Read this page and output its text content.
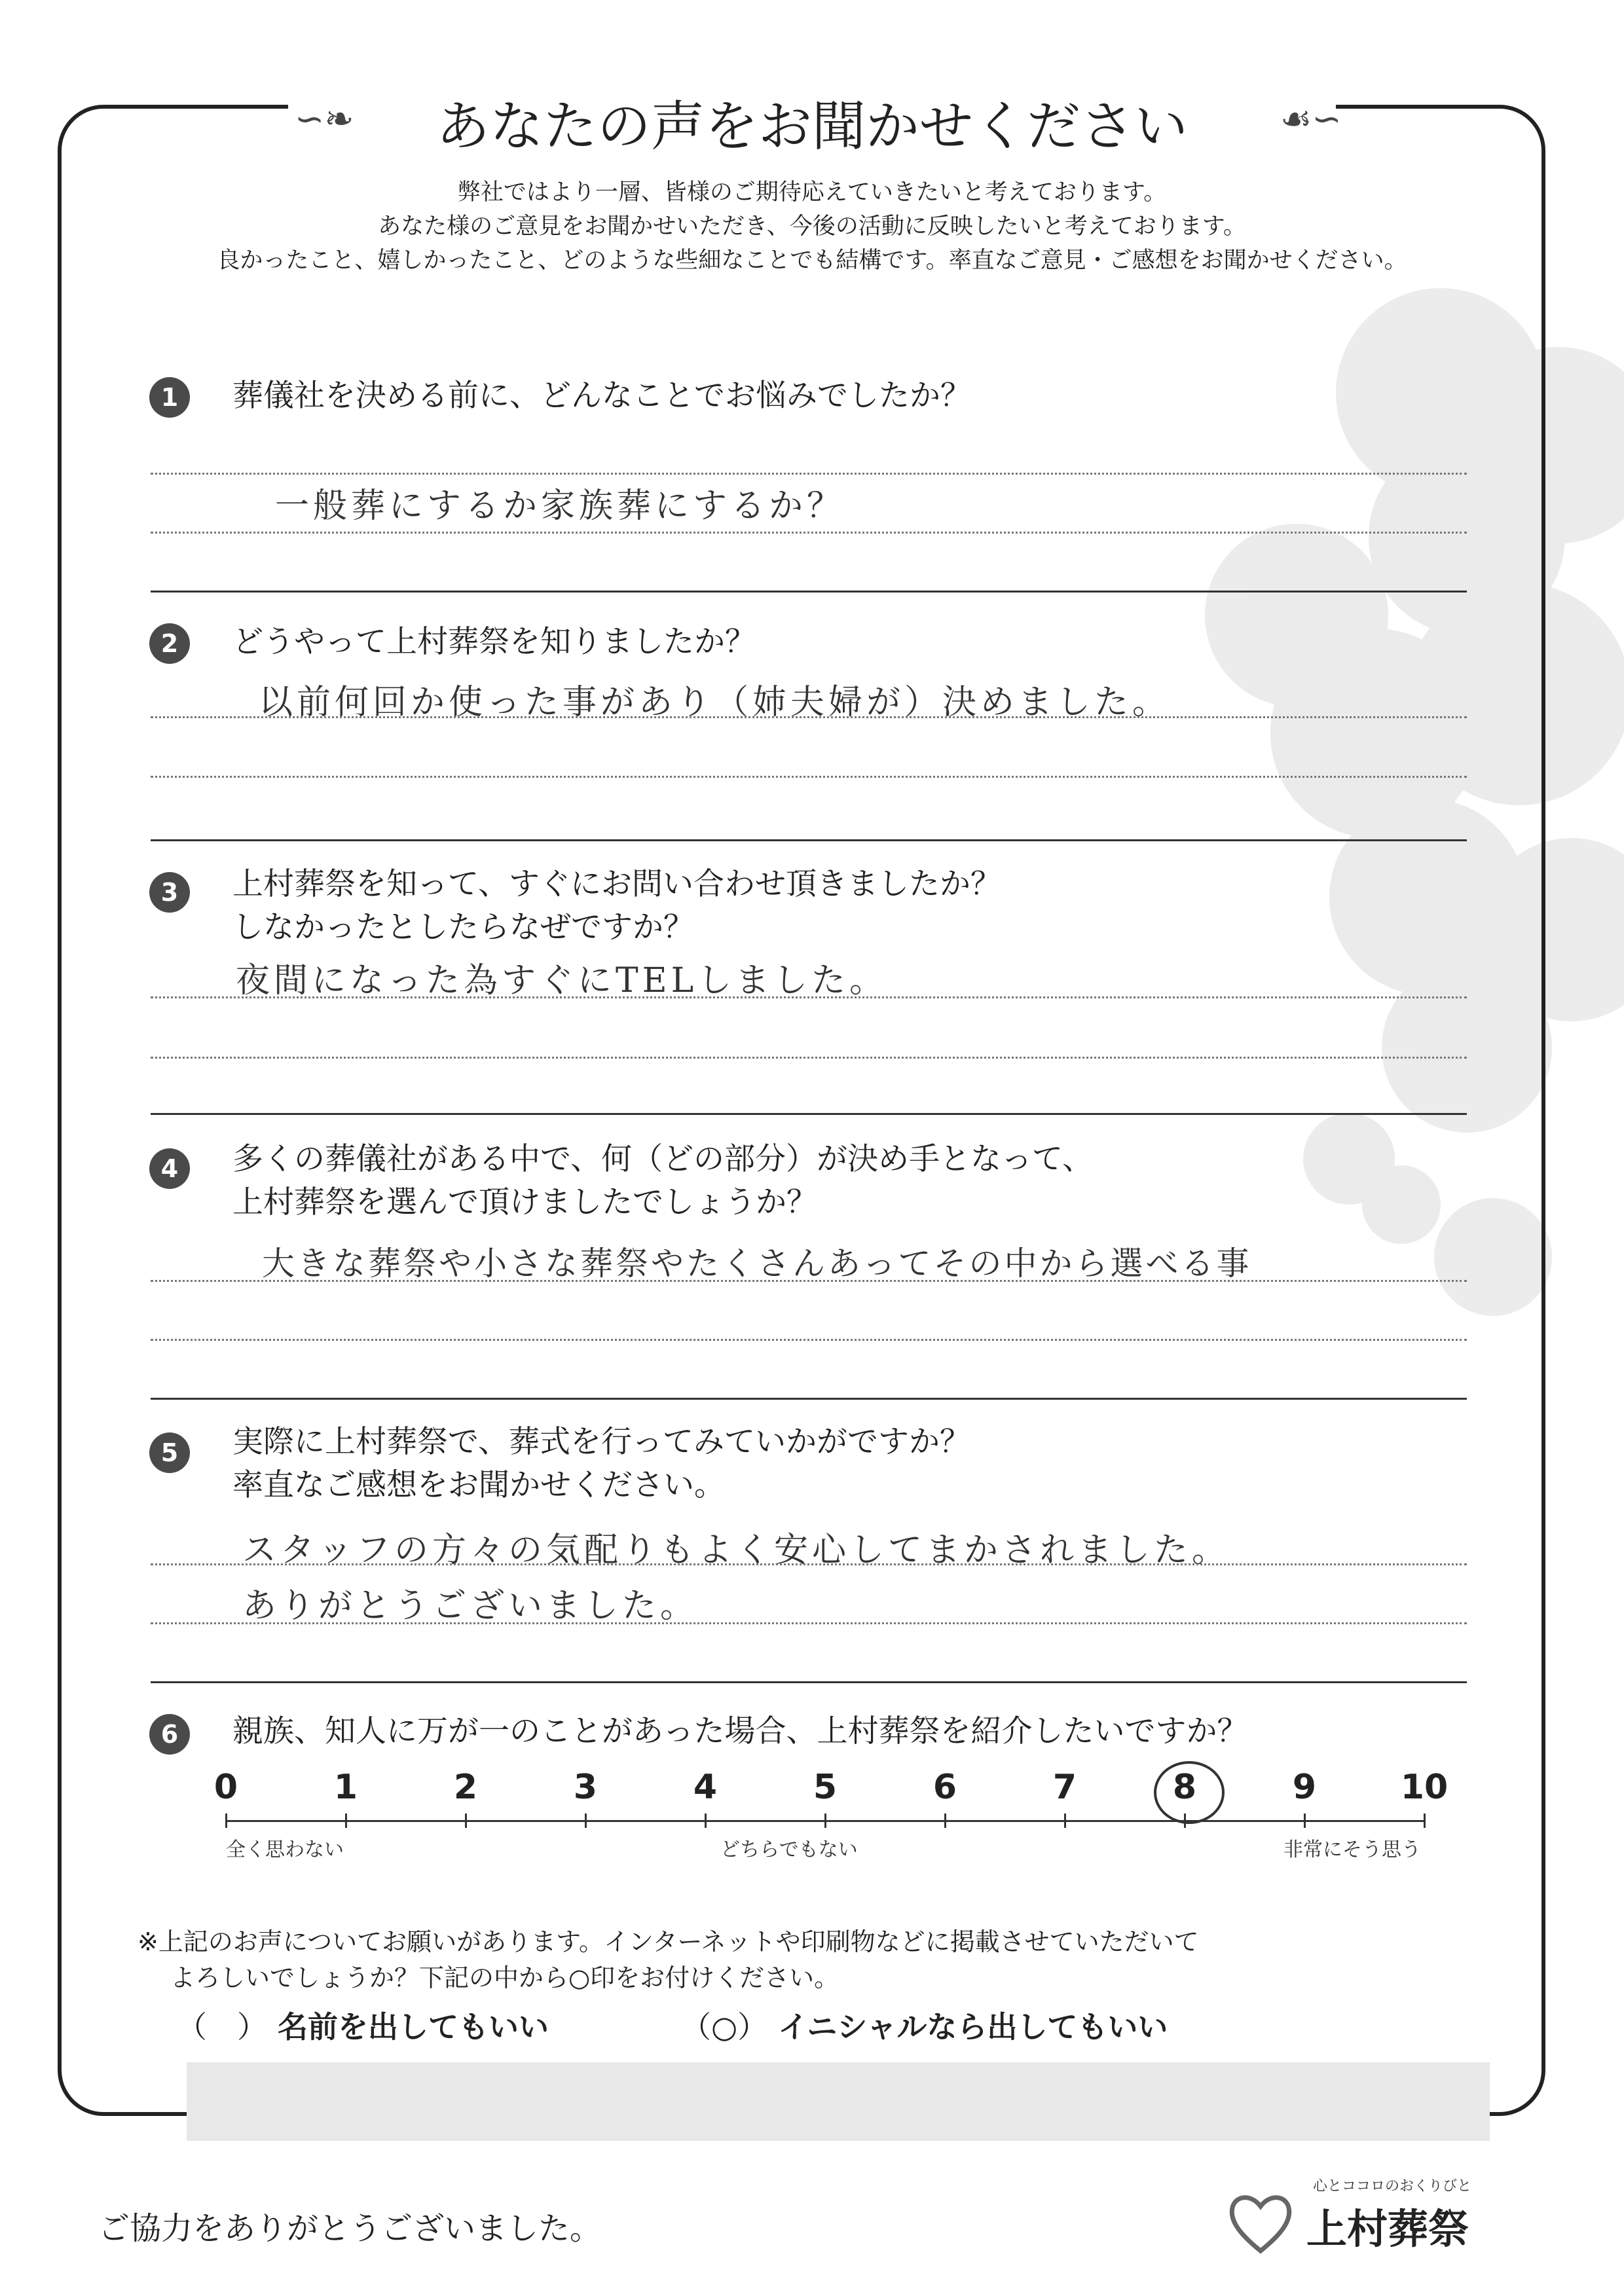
∽❧	☙∽
あなたの声をお聞かせください
弊社ではより一層、皆様のご期待応えていきたいと考えております。
あなた様のご意見をお聞かせいただき、今後の活動に反映したいと考えております。
良かったこと、嬉しかったこと、どのような些細なことでも結構です。率直なご意見・ご感想をお聞かせください。
1	葬儀社を決める前に、どんなことでお悩みでしたか？
一般葬にするか家族葬にするか？
2	どうやって上村葬祭を知りましたか？
以前何回か使った事があり（姉夫婦が）決めました。
3	上村葬祭を知って、すぐにお問い合わせ頂きましたか？
しなかったとしたらなぜですか？
夜間になった為すぐにTELしました。
4	多くの葬儀社がある中で、何（どの部分）が決め手となって、
上村葬祭を選んで頂けましたでしょうか？
大きな葬祭や小さな葬祭やたくさんあってその中から選べる事
5	実際に上村葬祭で、葬式を行ってみていかがですか？
率直なご感想をお聞かせください。
スタッフの方々の気配りもよく安心してまかされました。
ありがとうございました。
6	親族、知人に万が一のことがあった場合、上村葬祭を紹介したいですか？
0	1	2	3	4	5	6	7	8	9	10
全く思わない	どちらでもない	非常にそう思う
※上記のお声についてお願いがあります。インターネットや印刷物などに掲載させていただいて
よろしいでしょうか？下記の中から○印をお付けください。
（　） 名前を出してもいい	（○） イニシャルなら出してもいい
ご協力をありがとうございました。
心とココロのおくりびと
上村葬祭
